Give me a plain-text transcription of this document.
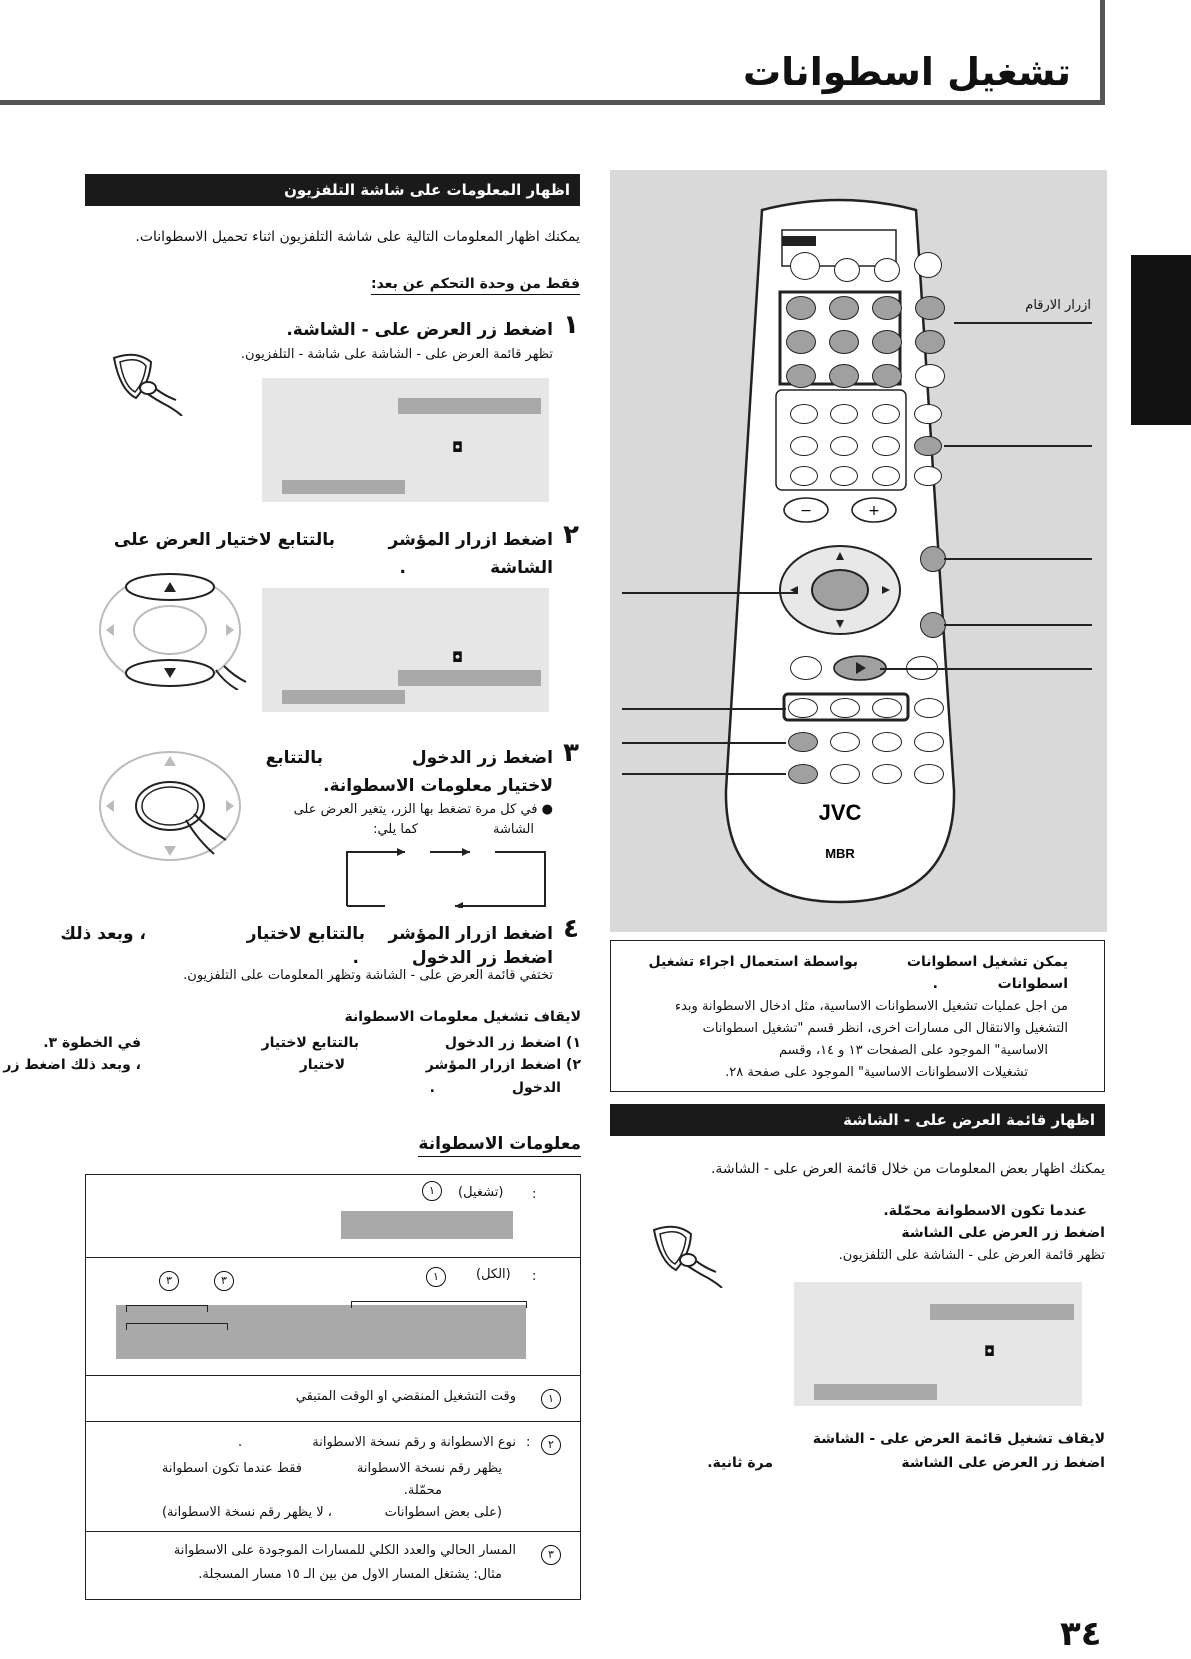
تشغيل اسطوانات
اظهار المعلومات على شاشة التلفزيون
يمكنك اظهار المعلومات التالية على شاشة التلفزيون اثناء تحميل الاسطوانات.
فقط من وحدة التحكم عن بعد:
١
اضغط زر العرض على - الشاشة.
تظهر قائمة العرض على - الشاشة على شاشة - التلفزيون.
◘
٢
اضغط ازرار المؤشر
بالتتابع لاختيار العرض على
الشاشة
.
◘
٣
اضغط زر الدخول
بالتتابع
لاختيار معلومات الاسطوانة.
● في كل مرة تضغط بها الزر، يتغير العرض على
الشاشة
كما يلي:
٤
اضغط ازرار المؤشر
بالتتابع لاختيار
، وبعد ذلك
اضغط زر الدخول
.
تختفي قائمة العرض على - الشاشة وتظهر المعلومات على التلفزيون.
لايقاف تشغيل معلومات الاسطوانة
١) اضغط زر الدخول
بالتتابع لاختيار
في الخطوة ٣.
٢) اضغط ازرار المؤشر
لاختيار
، وبعد ذلك اضغط زر
الدخول
.
معلومات الاسطوانة
:
(تشغيل)
١
:
(الكل)
١
٣
٣
١
وقت التشغيل المنقضي او الوقت المتبقي
٢
:
نوع الاسطوانة و رقم نسخة الاسطوانة
.
يظهر رقم نسخة الاسطوانة
فقط عندما تكون اسطوانة
محمّلة.
(على بعض اسطوانات
، لا يظهر رقم نسخة الاسطوانة)
٣
المسار الحالي والعدد الكلي للمسارات الموجودة على الاسطوانة
مثال: يشتغل المسار الاول من بين الـ ١٥ مسار المسجلة.
JVC
MBR
−	+
ازرار الارقام
يمكن تشغيل اسطوانات
بواسطة استعمال اجراء تشغيل
اسطوانات
.
من اجل عمليات تشغيل الاسطوانات الاساسية، مثل ادخال الاسطوانة وبدء
التشغيل والانتقال الى مسارات اخرى، انظر قسم "تشغيل اسطوانات
الاساسية" الموجود على الصفحات ١٣ و ١٤، وقسم
تشغيلات الاسطوانات الاساسية" الموجود على صفحة ٢٨.
اظهار قائمة العرض على - الشاشة
يمكنك اظهار بعض المعلومات من خلال قائمة العرض على - الشاشة.
عندما تكون الاسطوانة محمّلة.
اضغط زر العرض على الشاشة
تظهر قائمة العرض على - الشاشة على التلفزيون.
◘
لايقاف تشغيل قائمة العرض على - الشاشة
اضغط زر العرض على الشاشة
مرة ثانية.
٣٤
